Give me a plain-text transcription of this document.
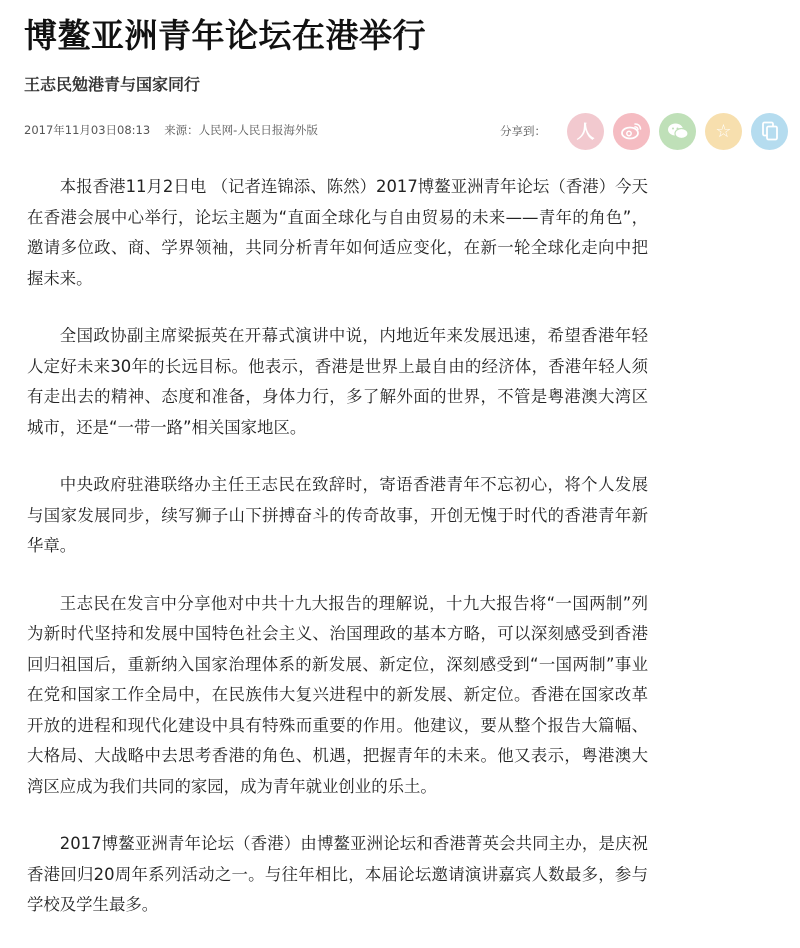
博鳌亚洲青年论坛在港举行
王志民勉港青与国家同行
2017年11月03日08:13 来源：人民网-人民日报海外版	分享到： 人	☆

本报香港11月2日电 （记者连锦添、陈然）2017博鳌亚洲青年论坛（香港）今天在香港会展中心举行，论坛主题为“直面全球化与自由贸易的未来——青年的角色”，邀请多位政、商、学界领袖，共同分析青年如何适应变化，在新一轮全球化走向中把握未来。

全国政协副主席梁振英在开幕式演讲中说，内地近年来发展迅速，希望香港年轻人定好未来30年的长远目标。他表示，香港是世界上最自由的经济体，香港年轻人须有走出去的精神、态度和准备，身体力行，多了解外面的世界，不管是粤港澳大湾区城市，还是“一带一路”相关国家地区。

中央政府驻港联络办主任王志民在致辞时，寄语香港青年不忘初心，将个人发展与国家发展同步，续写狮子山下拼搏奋斗的传奇故事，开创无愧于时代的香港青年新华章。

王志民在发言中分享他对中共十九大报告的理解说，十九大报告将“一国两制”列为新时代坚持和发展中国特色社会主义、治国理政的基本方略，可以深刻感受到香港回归祖国后，重新纳入国家治理体系的新发展、新定位，深刻感受到“一国两制”事业在党和国家工作全局中，在民族伟大复兴进程中的新发展、新定位。香港在国家改革开放的进程和现代化建设中具有特殊而重要的作用。他建议，要从整个报告大篇幅、大格局、大战略中去思考香港的角色、机遇，把握青年的未来。他又表示，粤港澳大湾区应成为我们共同的家园，成为青年就业创业的乐土。

2017博鳌亚洲青年论坛（香港）由博鳌亚洲论坛和香港菁英会共同主办，是庆祝香港回归20周年系列活动之一。与往年相比，本届论坛邀请演讲嘉宾人数最多，参与学校及学生最多。
